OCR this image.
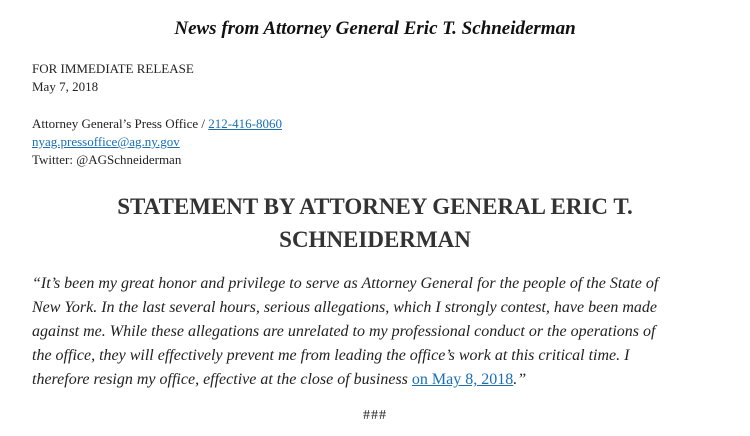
News from Attorney General Eric T. Schneiderman
FOR IMMEDIATE RELEASE
May 7, 2018
Attorney General’s Press Office / 212-416-8060
nyag.pressoffice@ag.ny.gov
Twitter: @AGSchneiderman
STATEMENT BY ATTORNEY GENERAL ERIC T.
SCHNEIDERMAN
“It’s been my great honor and privilege to serve as Attorney General for the people of the State of
New York. In the last several hours, serious allegations, which I strongly contest, have been made
against me. While these allegations are unrelated to my professional conduct or the operations of
the office, they will effectively prevent me from leading the office’s work at this critical time. I
therefore resign my office, effective at the close of business on May 8, 2018.”
###
